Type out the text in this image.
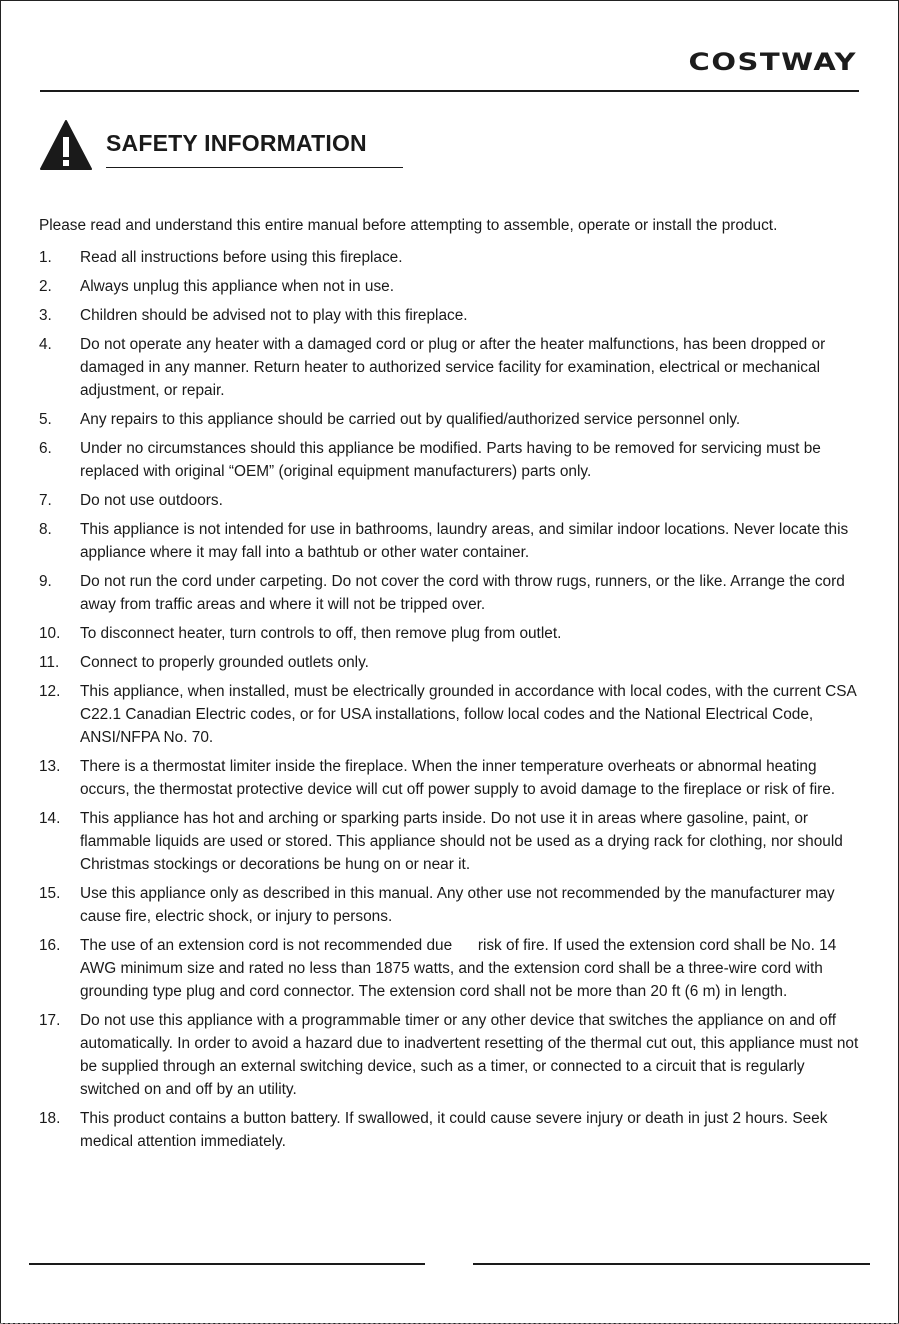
COSTWAY
SAFETY INFORMATION
Please read and understand this entire manual before attempting to assemble, operate or install the product.
1.	Read all instructions before using this fireplace.
2.	Always unplug this appliance when not in use.
3.	Children should be advised not to play with this fireplace.
4.	Do not operate any heater with a damaged cord or plug or after the heater malfunctions, has been dropped or damaged in any manner. Return heater to authorized service facility for examination, electrical or mechanical adjustment, or repair.
5.	Any repairs to this appliance should be carried out by qualified/authorized service personnel only.
6.	Under no circumstances should this appliance be modified. Parts having to be removed for servicing must be replaced with original “OEM” (original equipment manufacturers) parts only.
7.	Do not use outdoors.
8.	This appliance is not intended for use in bathrooms, laundry areas, and similar indoor locations. Never locate this appliance where it may fall into a bathtub or other water container.
9.	Do not run the cord under carpeting. Do not cover the cord with throw rugs, runners, or the like. Arrange the cord away from traffic areas and where it will not be tripped over.
10.	To disconnect heater, turn controls to off, then remove plug from outlet.
11.	Connect to properly grounded outlets only.
12.	This appliance, when installed, must be electrically grounded in accordance with local codes, with the current CSA C22.1 Canadian Electric codes, or for USA installations, follow local codes and the National Electrical Code, ANSI/NFPA No. 70.
13.	There is a thermostat limiter inside the fireplace. When the inner temperature overheats or abnormal heating occurs, the thermostat protective device will cut off power supply to avoid damage to the fireplace or risk of fire.
14.	This appliance has hot and arching or sparking parts inside. Do not use it in areas where gasoline, paint, or flammable liquids are used or stored. This appliance should not be used as a drying rack for clothing, nor should Christmas stockings or decorations be hung on or near it.
15.	Use this appliance only as described in this manual. Any other use not recommended by the manufacturer may cause fire, electric shock, or injury to persons.
16.	The use of an extension cord is not recommended due      risk of fire. If used the extension cord shall be No. 14 AWG minimum size and rated no less than 1875 watts, and the extension cord shall be a three-wire cord with grounding type plug and cord connector. The extension cord shall not be more than 20 ft (6 m) in length.
17.	Do not use this appliance with a programmable timer or any other device that switches the appliance on and off automatically. In order to avoid a hazard due to inadvertent resetting of the thermal cut out, this appliance must not be supplied through an external switching device, such as a timer, or connected to a circuit that is regularly switched on and off by an utility.
18.	This product contains a button battery. If swallowed, it could cause severe injury or death in just 2 hours. Seek medical attention immediately.
